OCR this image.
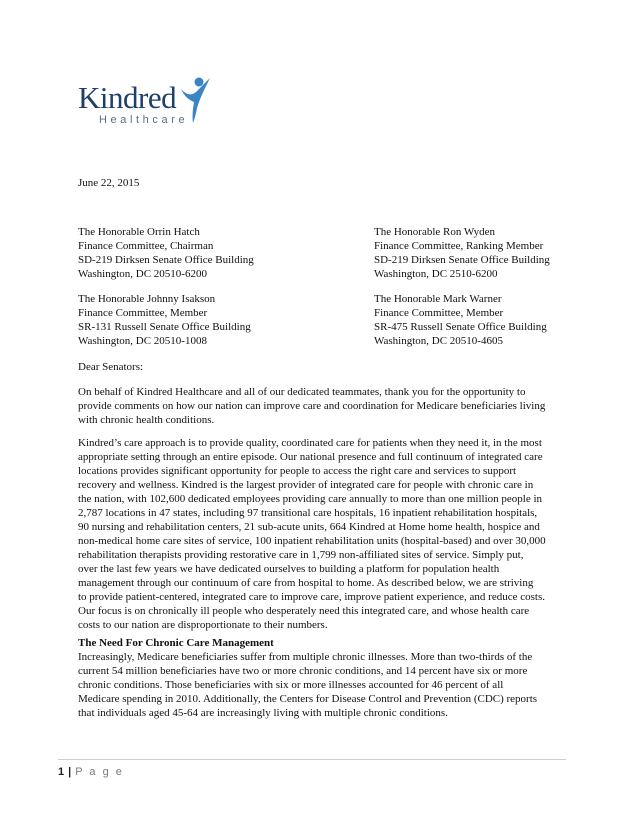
Kindred
Healthcare
June 22, 2015
The Honorable Orrin Hatch
Finance Committee, Chairman
SD-219 Dirksen Senate Office Building
Washington, DC 20510-6200
The Honorable Ron Wyden
Finance Committee, Ranking Member
SD-219 Dirksen Senate Office Building
Washington, DC 2510-6200
The Honorable Johnny Isakson
Finance Committee, Member
SR-131 Russell Senate Office Building
Washington, DC 20510-1008
The Honorable Mark Warner
Finance Committee, Member
SR-475 Russell Senate Office Building
Washington, DC 20510-4605
Dear Senators:
On behalf of Kindred Healthcare and all of our dedicated teammates, thank you for the opportunity to
provide comments on how our nation can improve care and coordination for Medicare beneficiaries living
with chronic health conditions.
Kindred’s care approach is to provide quality, coordinated care for patients when they need it, in the most
appropriate setting through an entire episode. Our national presence and full continuum of integrated care
locations provides significant opportunity for people to access the right care and services to support
recovery and wellness. Kindred is the largest provider of integrated care for people with chronic care in
the nation, with 102,600 dedicated employees providing care annually to more than one million people in
2,787 locations in 47 states, including 97 transitional care hospitals, 16 inpatient rehabilitation hospitals,
90 nursing and rehabilitation centers, 21 sub-acute units, 664 Kindred at Home home health, hospice and
non-medical home care sites of service, 100 inpatient rehabilitation units (hospital-based) and over 30,000
rehabilitation therapists providing restorative care in 1,799 non-affiliated sites of service. Simply put,
over the last few years we have dedicated ourselves to building a platform for population health
management through our continuum of care from hospital to home. As described below, we are striving
to provide patient-centered, integrated care to improve care, improve patient experience, and reduce costs.
Our focus is on chronically ill people who desperately need this integrated care, and whose health care
costs to our nation are disproportionate to their numbers.
The Need For Chronic Care Management
Increasingly, Medicare beneficiaries suffer from multiple chronic illnesses. More than two-thirds of the
current 54 million beneficiaries have two or more chronic conditions, and 14 percent have six or more
chronic conditions. Those beneficiaries with six or more illnesses accounted for 46 percent of all
Medicare spending in 2010. Additionally, the Centers for Disease Control and Prevention (CDC) reports
that individuals aged 45-64 are increasingly living with multiple chronic conditions.
1 | P a g e
